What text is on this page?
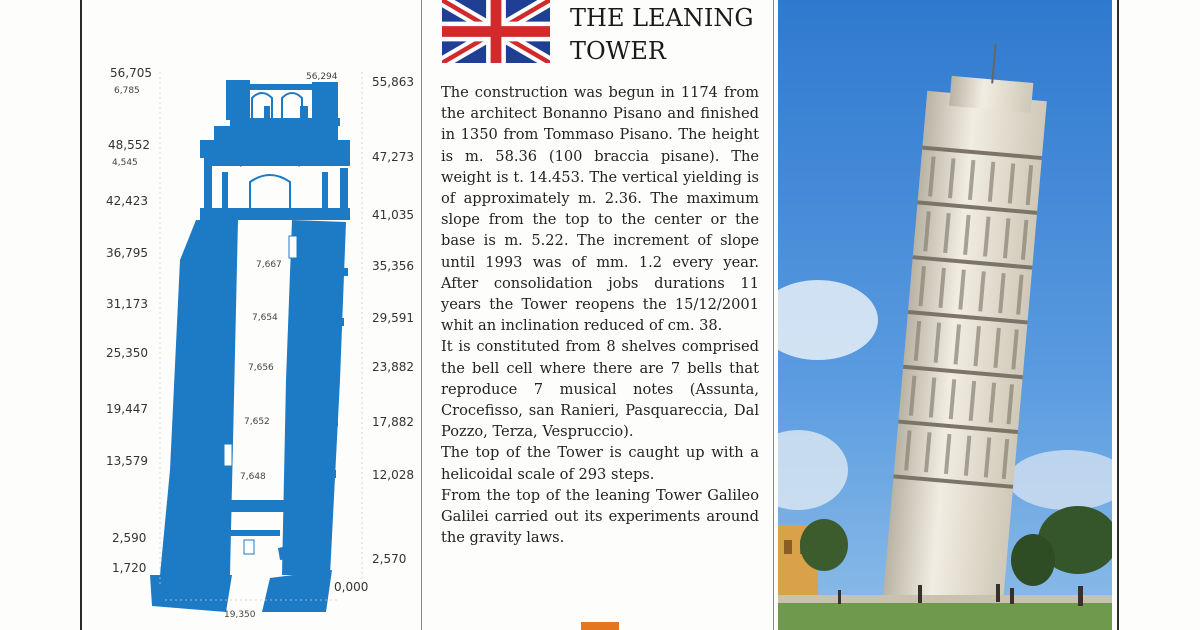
56,705
6,785
48,552
4,545
42,423
36,795
31,173
25,350
19,447
13,579
2,590
1,720
55,863
47,273
41,035
35,356
29,591
23,882
17,882
12,028
2,570
0,000
56,294
19,350
7,667
7,654
7,656
7,652
7,648
THE LEANING TOWER

The construction was begun in 1174 from the architect Bonanno Pisano and finished in 1350 from Tommaso Pisano. The height is m. 58.36 (100 braccia pisane). The weight is t. 14.453. The vertical yielding is of approximately m. 2.36. The maximum slope from the top to the center or the base is m. 5.22. The increment of slope until 1993 was of mm. 1.2 every year. After consolidation jobs durations 11 years the Tower reopens the 15/12/2001 whit an inclination reduced of cm. 38.

It is constituted from 8 shelves comprised the bell cell where there are 7 bells that reproduce 7 musical notes (Assunta, Crocefisso, san Ranieri, Pasquareccia, Dal Pozzo, Terza, Vespruccio).

The top of the Tower is caught up with a helicoidal scale of 293 steps.

From the top of the leaning Tower Galileo Galilei carried out its experiments around the gravity laws.
